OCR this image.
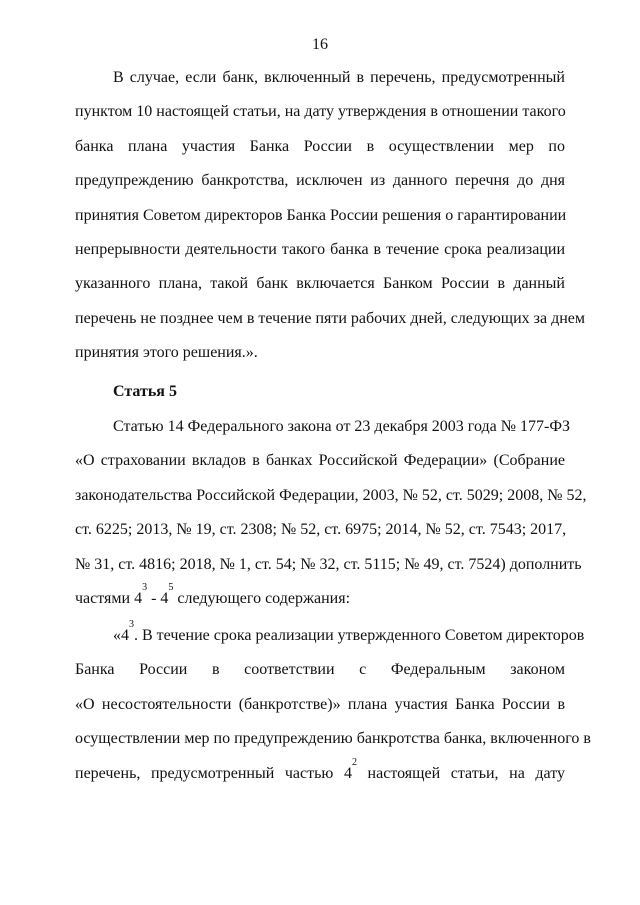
16
В случае, если банк, включенный в перечень, предусмотренный
пунктом 10 настоящей статьи, на дату утверждения в отношении такого
банка плана участия Банка России в осуществлении мер по
предупреждению банкротства, исключен из данного перечня до дня
принятия Советом директоров Банка России решения о гарантировании
непрерывности деятельности такого банка в течение срока реализации
указанного плана, такой банк включается Банком России в данный
перечень не позднее чем в течение пяти рабочих дней, следующих за днем
принятия этого решения.».
Статья 5
Статью 14 Федерального закона от 23 декабря 2003 года № 177-ФЗ
«О страховании вкладов в банках Российской Федерации» (Собрание
законодательства Российской Федерации, 2003, № 52, ст. 5029; 2008, № 52,
ст. 6225; 2013, № 19, ст. 2308; № 52, ст. 6975; 2014, № 52, ст. 7543; 2017,
№ 31, ст. 4816; 2018, № 1, ст. 54; № 32, ст. 5115; № 49, ст. 7524) дополнить
частями $4^3 - 4^5$ следующего содержания:
«$4^3$. В течение срока реализации утвержденного Советом директоров
Банка России в соответствии с Федеральным законом
«О несостоятельности (банкротстве)» плана участия Банка России в
осуществлении мер по предупреждению банкротства банка, включенного в
перечень, предусмотренный частью $4^2$ настоящей статьи, на дату
